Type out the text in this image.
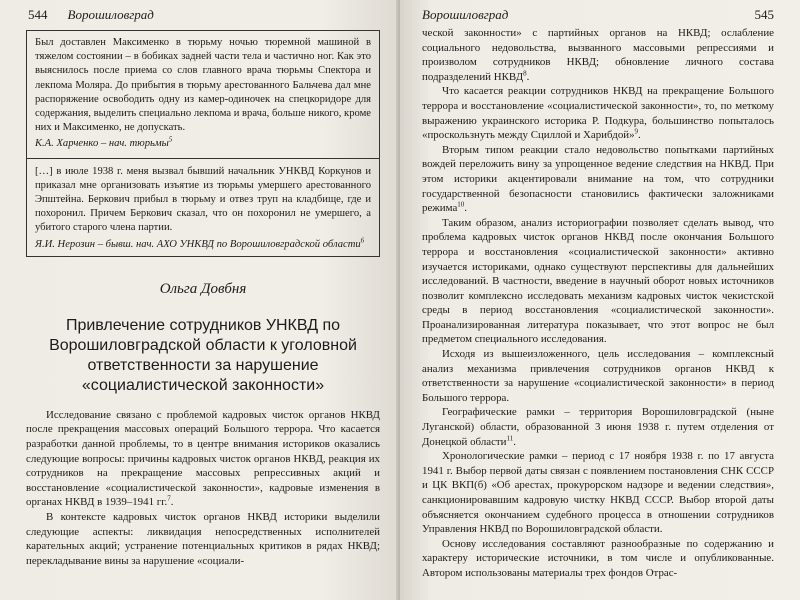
544 Ворошиловград

Был доставлен Максименко в тюрьму ночью тюремной машиной в тяжелом состоянии – в бобиках задней части тела и частично ног. Как это выяснилось после приема со слов главного врача тюрьмы Спектора и лекпома Моляра. До прибытия в тюрьму арестованного Бальчева дал мне распоряжение освободить одну из камер-одиночек на спецкоридоре для содержания, выделить специально лекпома и врача, больше никого, кроме них и Максименко, не допускать.

К.А. Харченко – нач. тюрьмы$^5$

[…] в июле 1938 г. меня вызвал бывший начальник УНКВД Коркунов и приказал мне организовать изъятие из тюрьмы умершего арестованного Эпштейна. Беркович прибыл в тюрьму и отвез труп на кладбище, где и похоронил. Причем Беркович сказал, что он похоронил не умершего, а убитого старого члена партии.

Я.И. Нерозин – бывш. нач. АХО УНКВД по Ворошиловградской области$^6$

Ольга Довбня
Привлечение сотрудников УНКВД по Ворошиловградской области к уголовной ответственности за нарушение «социалистической законности»

Исследование связано с проблемой кадровых чисток органов НКВД после прекращения массовых операций Большого террора. Что касается разработки данной проблемы, то в центре внимания историков оказались следующие вопросы: причины кадровых чисток органов НКВД, реакция их сотрудников на прекращение массовых репрессивных акций и восстановление «социалистической законности», кадровые изменения в органах НКВД в 1939–1941 гг.$^7$.

В контексте кадровых чисток органов НКВД историки выделили следующие аспекты: ликвидация непосредственных исполнителей карательных акций; устранение потенциальных критиков в рядах НКВД; перекладывание вины за нарушение «социали-

Ворошиловград	545

ческой законности» с партийных органов на НКВД; ослабление социального недовольства, вызванного массовыми репрессиями и произволом сотрудников НКВД; обновление личного состава подразделений НКВД$^8$.

Что касается реакции сотрудников НКВД на прекращение Большого террора и восстановление «социалистической законности», то, по меткому выражению украинского историка Р. Подкура, большинство попыталось «проскользнуть между Сциллой и Харибдой»$^9$.

Вторым типом реакции стало недовольство попытками партийных вождей переложить вину за упрощенное ведение следствия на НКВД. При этом историки акцентировали внимание на том, что сотрудники государственной безопасности становились фактически заложниками режима$^{10}$.

Таким образом, анализ историографии позволяет сделать вывод, что проблема кадровых чисток органов НКВД после окончания Большого террора и восстановления «социалистической законности» активно изучается историками, однако существуют перспективы для дальнейших исследований. В частности, введение в научный оборот новых источников позволит комплексно исследовать механизм кадровых чисток чекистской среды в период восстановления «социалистической законности». Проанализированная литература показывает, что этот вопрос не был предметом специального исследования.

Исходя из вышеизложенного, цель исследования – комплексный анализ механизма привлечения сотрудников органов НКВД к ответственности за нарушение «социалистической законности» в период Большого террора.

Географические рамки – территория Ворошиловградской (ныне Луганской) области, образованной 3 июня 1938 г. путем отделения от Донецкой области$^{11}$.

Хронологические рамки – период с 17 ноября 1938 г. по 17 августа 1941 г. Выбор первой даты связан с появлением постановления СНК СССР и ЦК ВКП(б) «Об арестах, прокурорском надзоре и ведении следствия», санкционировавшим кадровую чистку НКВД СССР. Выбор второй даты объясняется окончанием судебного процесса в отношении сотрудников Управления НКВД по Ворошиловградской области.

Основу исследования составляют разнообразные по содержанию и характеру исторические источники, в том числе и опубликованные. Автором использованы материалы трех фондов Отрас-
